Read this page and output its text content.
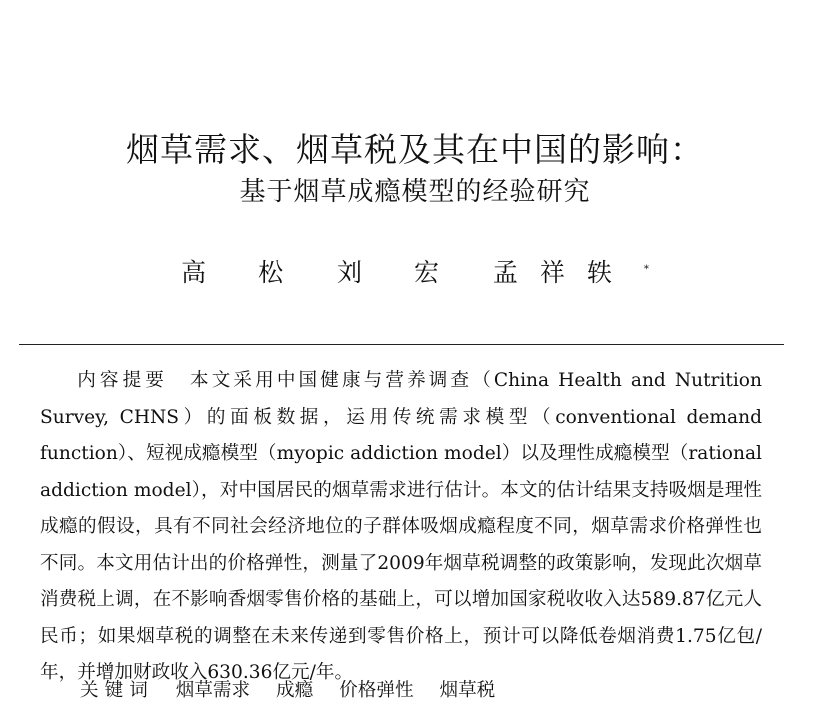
烟草需求、烟草税及其在中国的影响：
基于烟草成瘾模型的经验研究
高 松 刘 宏 孟祥轶 *

内容提要 本文采用中国健康与营养调查（China Health and Nutrition Survey, CHNS）的面板数据，运用传统需求模型（conventional demand function）、短视成瘾模型（myopic addiction model）以及理性成瘾模型（rational addiction model），对中国居民的烟草需求进行估计。本文的估计结果支持吸烟是理性成瘾的假设，具有不同社会经济地位的子群体吸烟成瘾程度不同，烟草需求价格弹性也不同。本文用估计出的价格弹性，测量了2009年烟草税调整的政策影响，发现此次烟草消费税上调，在不影响香烟零售价格的基础上，可以增加国家税收收入达589.87亿元人民币；如果烟草税的调整在未来传递到零售价格上，预计可以降低卷烟消费1.75亿包/年，并增加财政收入630.36亿元/年。

关键词 烟草需求 成瘾 价格弹性 烟草税
